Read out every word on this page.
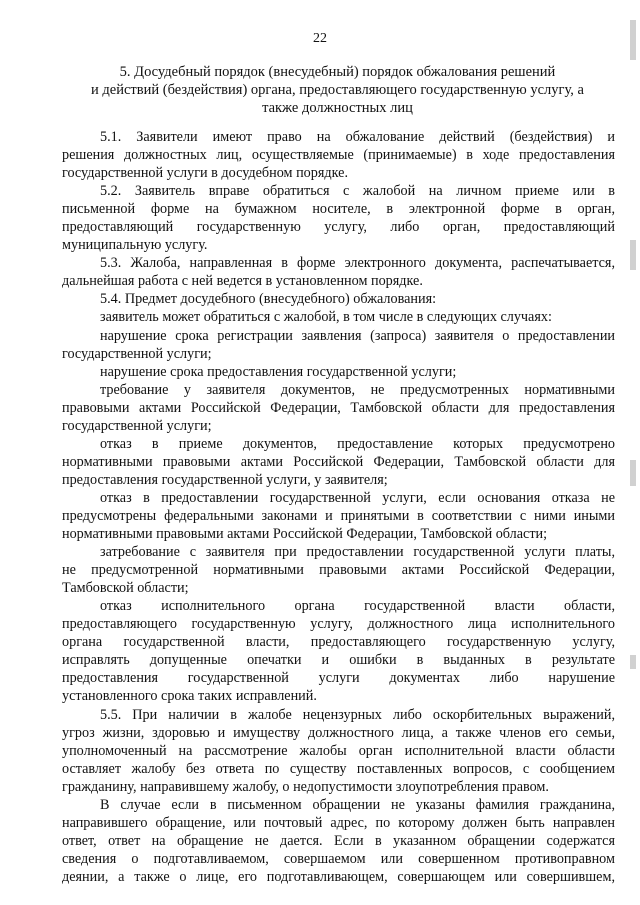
22
5. Досудебный порядок (внесудебный) порядок обжалования решений
и действий (бездействия) органа, предоставляющего государственную услугу, а
также должностных лиц
5.1. Заявители имеют право на обжалование действий (бездействия) и
решения должностных лиц, осуществляемые (принимаемые) в ходе предоставления
государственной услуги в досудебном порядке.
5.2. Заявитель вправе обратиться с жалобой на личном приеме или в
письменной форме на бумажном носителе, в электронной форме в орган,
предоставляющий государственную услугу, либо орган, предоставляющий
муниципальную услугу.
5.3. Жалоба, направленная в форме электронного документа, распечатывается,
дальнейшая работа с ней ведется в установленном порядке.
5.4. Предмет досудебного (внесудебного) обжалования:
заявитель может обратиться с жалобой, в том числе в следующих случаях:
нарушение срока регистрации заявления (запроса) заявителя о предоставлении
государственной услуги;
нарушение срока предоставления государственной услуги;
требование у заявителя документов, не предусмотренных нормативными
правовыми актами Российской Федерации, Тамбовской области для предоставления
государственной услуги;
отказ в приеме документов, предоставление которых предусмотрено
нормативными правовыми актами Российской Федерации, Тамбовской области для
предоставления государственной услуги, у заявителя;
отказ в предоставлении государственной услуги, если основания отказа не
предусмотрены федеральными законами и принятыми в соответствии с ними иными
нормативными правовыми актами Российской Федерации, Тамбовской области;
затребование с заявителя при предоставлении государственной услуги платы,
не предусмотренной нормативными правовыми актами Российской Федерации,
Тамбовской области;
отказ исполнительного органа государственной власти области,
предоставляющего государственную услугу, должностного лица исполнительного
органа государственной власти, предоставляющего государственную услугу,
исправлять допущенные опечатки и ошибки в выданных в результате
предоставления государственной услуги документах либо нарушение
установленного срока таких исправлений.
5.5. При наличии в жалобе нецензурных либо оскорбительных выражений,
угроз жизни, здоровью и имуществу должностного лица, а также членов его семьи,
уполномоченный на рассмотрение жалобы орган исполнительной власти области
оставляет жалобу без ответа по существу поставленных вопросов, с сообщением
гражданину, направившему жалобу, о недопустимости злоупотребления правом.
В случае если в письменном обращении не указаны фамилия гражданина,
направившего обращение, или почтовый адрес, по которому должен быть направлен
ответ, ответ на обращение не дается. Если в указанном обращении содержатся
сведения о подготавливаемом, совершаемом или совершенном противоправном
деянии, а также о лице, его подготавливающем, совершающем или совершившем,
